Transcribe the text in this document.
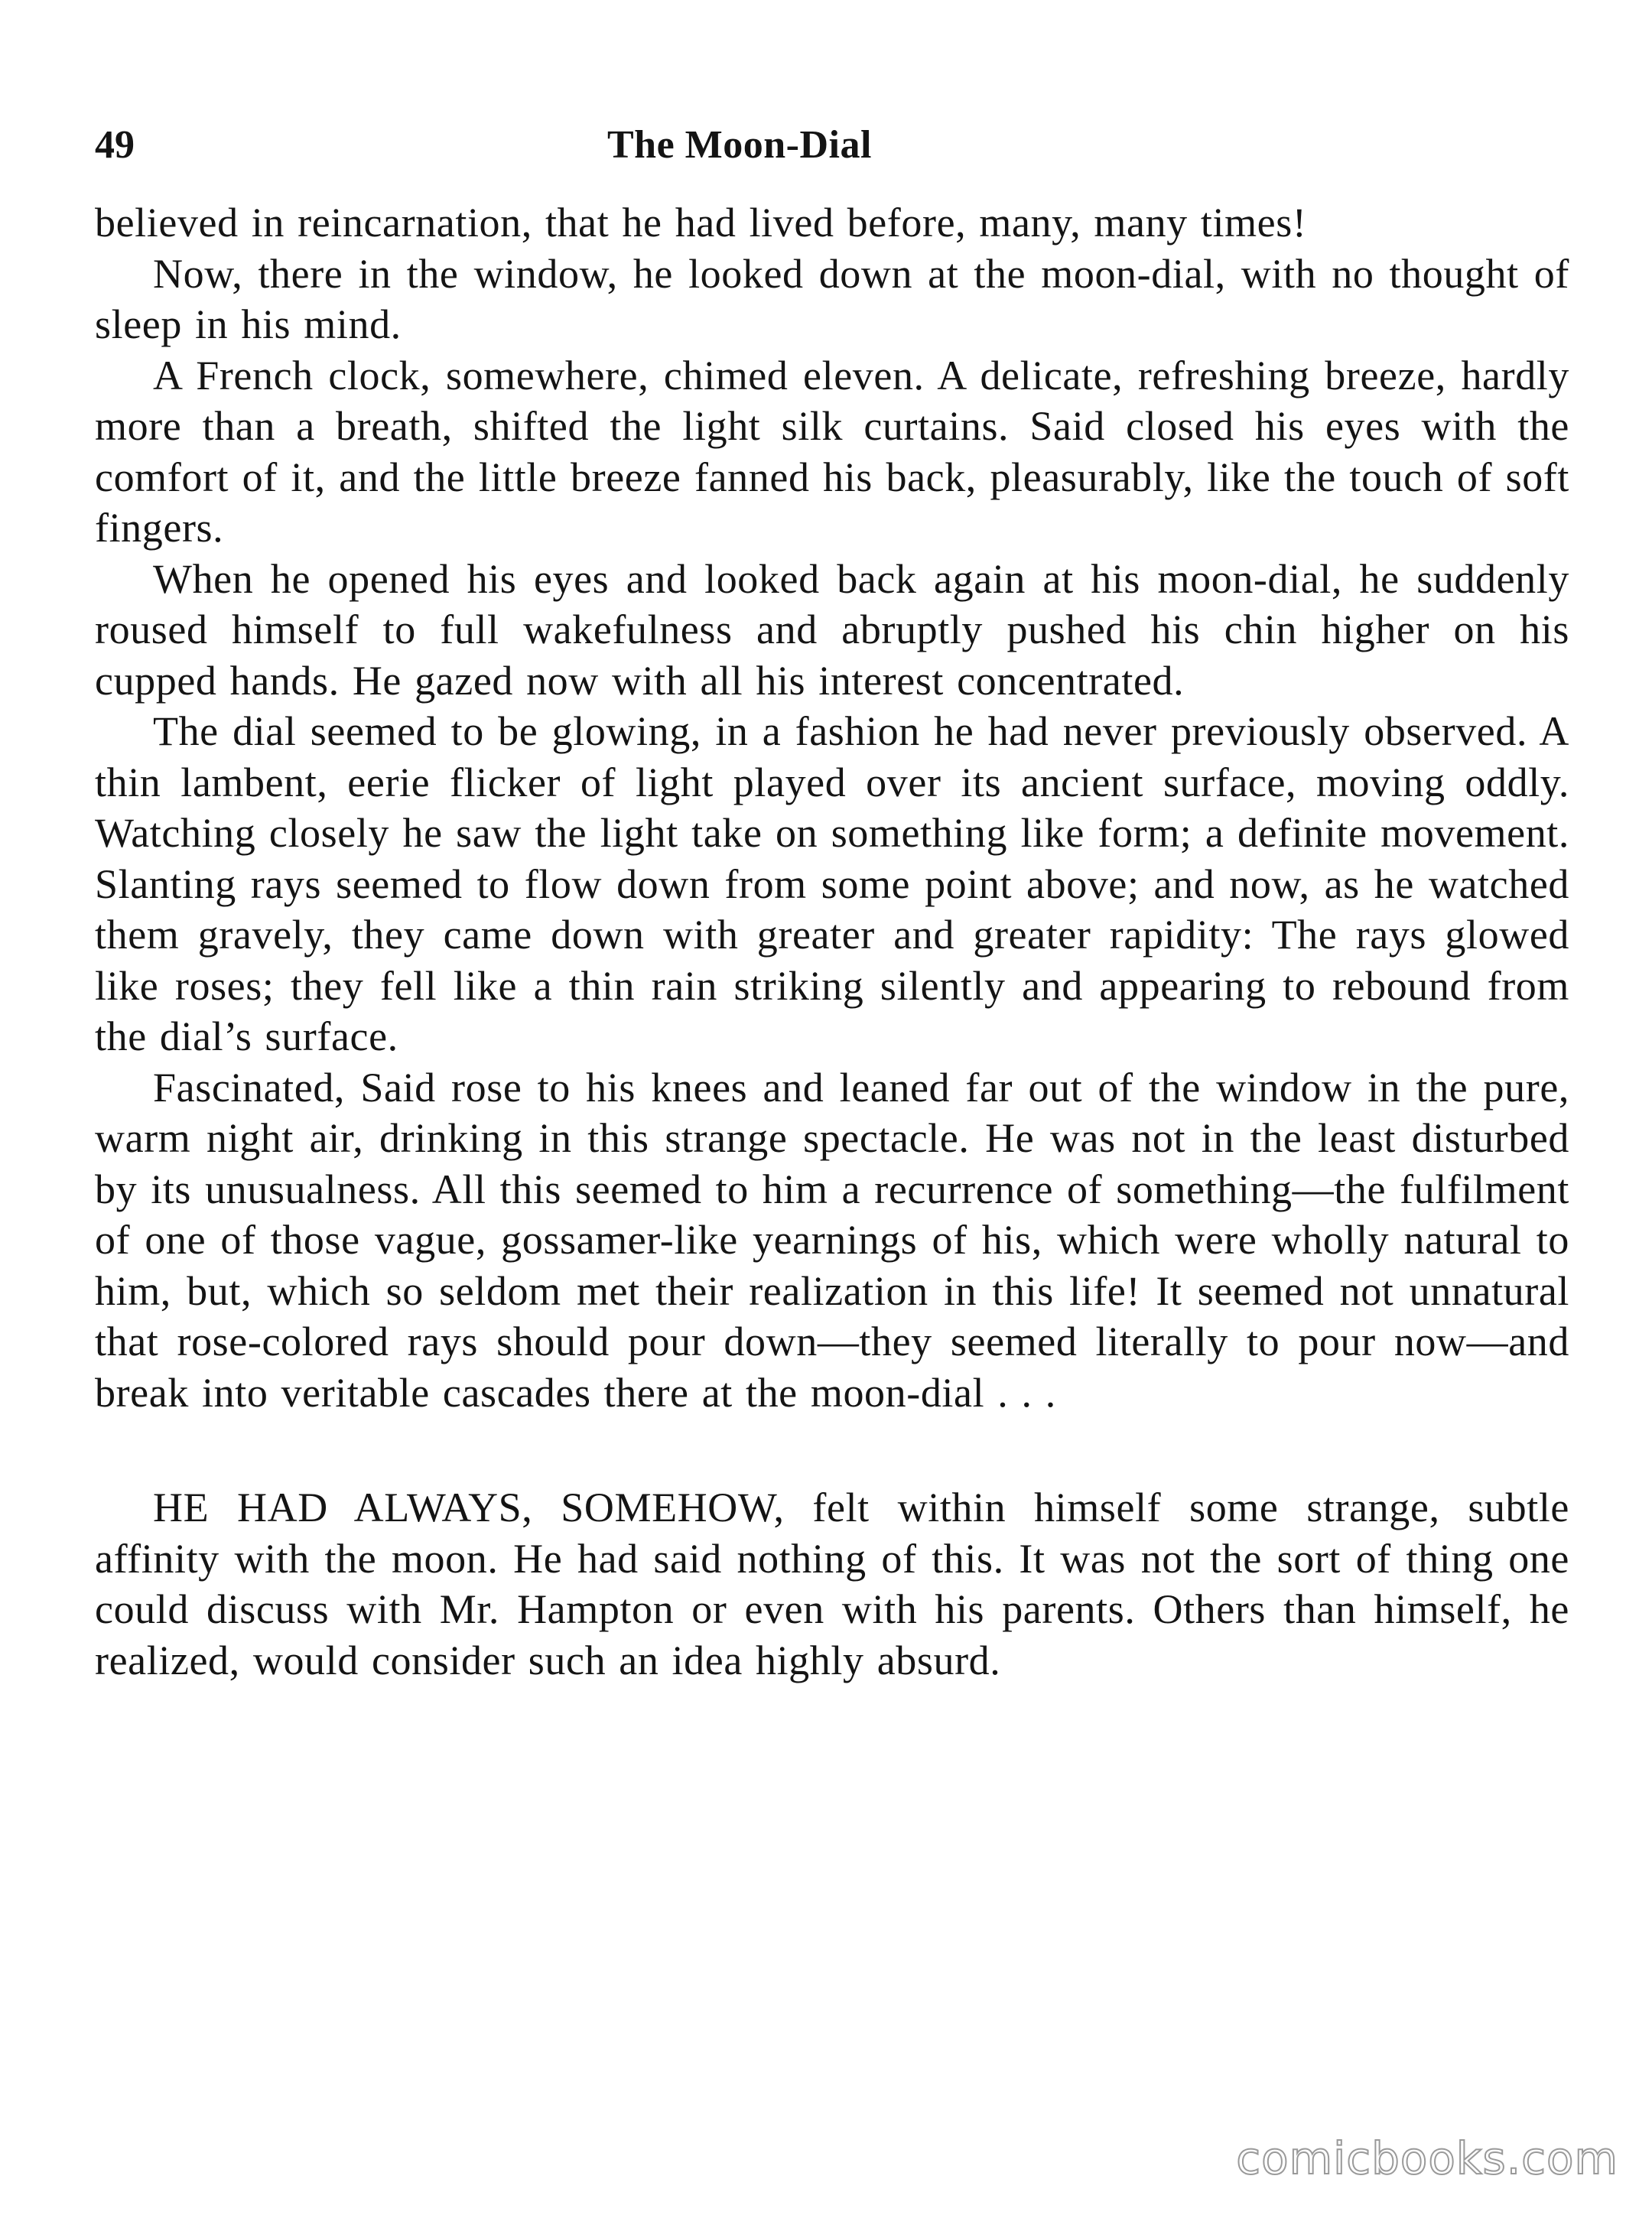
49	The Moon-Dial

believed in reincarnation, that he had lived before, many, many times!

Now, there in the window, he looked down at the moon-dial, with no thought of sleep in his mind.

A French clock, somewhere, chimed eleven. A delicate, refreshing breeze, hardly more than a breath, shifted the light silk curtains. Said closed his eyes with the comfort of it, and the little breeze fanned his back, pleasurably, like the touch of soft fingers.

When he opened his eyes and looked back again at his moon-dial, he suddenly roused himself to full wakefulness and abruptly pushed his chin higher on his cupped hands. He gazed now with all his interest concentrated.

The dial seemed to be glowing, in a fashion he had never previously observed. A thin lambent, eerie flicker of light played over its ancient surface, moving oddly. Watching closely he saw the light take on something like form; a definite movement. Slanting rays seemed to flow down from some point above; and now, as he watched them gravely, they came down with greater and greater rapidity: The rays glowed like roses; they fell like a thin rain striking silently and appearing to rebound from the dial’s surface.

Fascinated, Said rose to his knees and leaned far out of the window in the pure, warm night air, drinking in this strange spectacle. He was not in the least disturbed by its unusualness. All this seemed to him a recurrence of something—the fulfilment of one of those vague, gossamer-like yearnings of his, which were wholly natural to him, but, which so seldom met their realization in this life! It seemed not unnatural that rose-colored rays should pour down—they seemed literally to pour now—and break into veritable cascades there at the moon-dial . . .

HE HAD ALWAYS, SOMEHOW, felt within himself some strange, subtle affinity with the moon. He had said nothing of this. It was not the sort of thing one could discuss with Mr. Hampton or even with his parents. Others than himself, he realized, would consider such an idea highly absurd.

comicbooks.com
